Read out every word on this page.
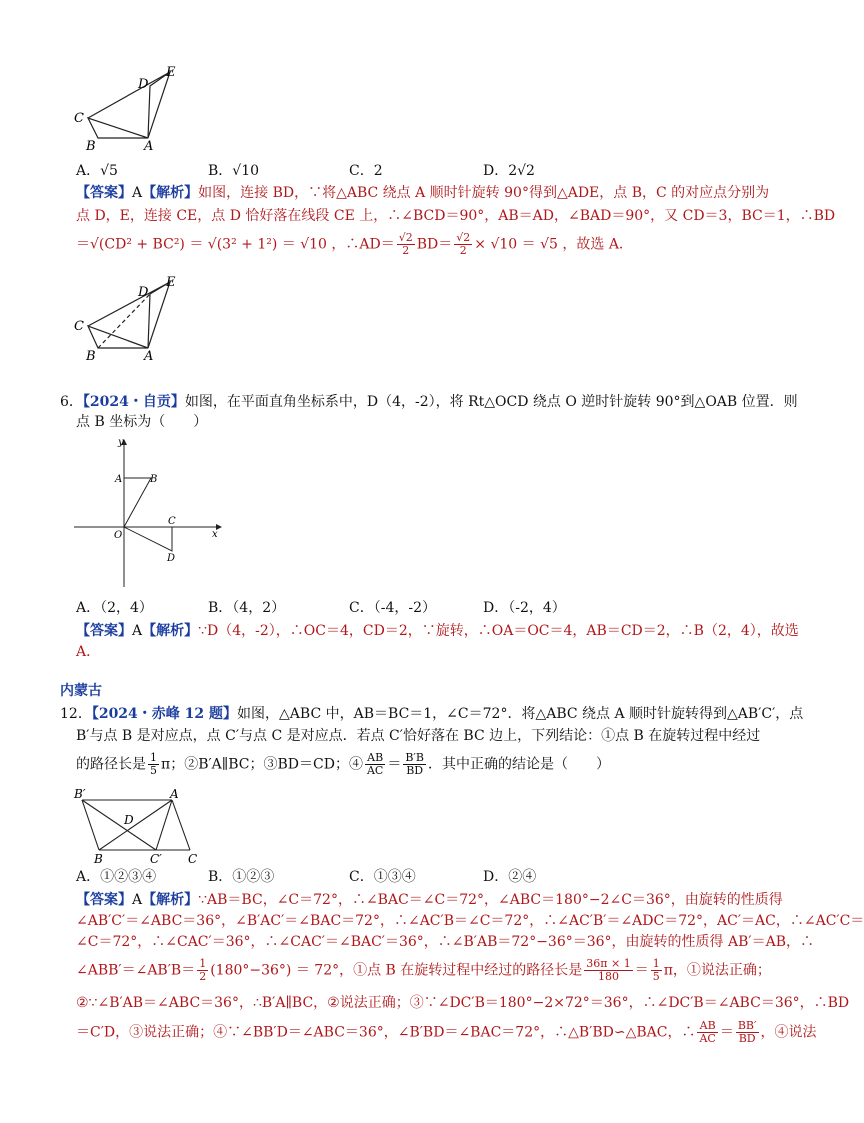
D
E
C
B	A
A．√5	B．√10	C．2	D．2√2
【答案】A【解析】如图，连接 BD，∵将△ABC 绕点 A 顺时针旋转 90°得到△ADE，点 B，C 的对应点分别为
点 D，E，连接 CE，点 D 恰好落在线段 CE 上，∴∠BCD＝90°，AB＝AD，∠BAD＝90°，又 CD＝3，BC＝1，∴BD
＝√(CD² + BC²) ＝ √(3² + 1²) ＝ √10 ，∴AD＝ $\frac{√2}{2} BD= \frac{√2}{2} \times √10 = √5$ ，故选 A．
D
E
C
B	A
6．【2024・自贡】如图，在平面直角坐标系中，D（4，-2），将 Rt△OCD 绕点 O 逆时针旋转 90°到△OAB 位置．则
点 B 坐标为（　　）
x
y
A	B
C
D
O
A．（2，4）	B．（4，2）	C．（-4，-2）	D．（-2，4）
【答案】A【解析】∵D（4，-2），∴OC＝4，CD＝2，∵旋转，∴OA＝OC＝4，AB＝CD＝2，∴B（2，4），故选
A．
内蒙古
12．【2024・赤峰 12 题】如图，△ABC 中，AB＝BC＝1，∠C＝72°．将△ABC 绕点 A 顺时针旋转得到△AB′C′，点
B′与点 B 是对应点，点 C′与点 C 是对应点．若点 C′恰好落在 BC 边上，下列结论：①点 B 在旋转过程中经过
的路径长是 $\frac{1}{5}$ π；②B′A∥BC；③BD＝CD；④ $\frac{AB}{AC} = \frac{B'B}{BD}$ ．其中正确的结论是（　　）
B′	A
D
B	C′ C
A．①②③④	B．①②③	C．①③④	D．②④
【答案】A【解析】∵AB＝BC，∠C＝72°，∴∠BAC＝∠C＝72°，∠ABC＝180°−2∠C＝36°，由旋转的性质得
∠AB′C′＝∠ABC＝36°，∠B′AC′＝∠BAC＝72°，∴∠AC′B＝∠C＝72°，∴∠AC′B′＝∠ADC＝72°，AC′＝AC，∴∠AC′C＝
∠C＝72°，∴∠CAC′＝36°，∴∠CAC′＝∠BAC′＝36°，∴∠B′AB＝72°−36°＝36°，由旋转的性质得 AB′＝AB，∴
∠ABB′＝∠AB′B＝ $\frac{1}{2} (180^\circ-36^\circ) = 72^\circ$，①点 B 在旋转过程中经过的路径长是 $\frac{36\pi \times 1}{180} = \frac{1}{5}$ π，①说法正确；
②∵∠B′AB＝∠ABC＝36°，∴B′A∥BC，②说法正确；③∵∠DC′B＝180°−2×72°＝36°，∴∠DC′B＝∠ABC＝36°，∴BD
＝C′D，③说法正确；④∵∠BB′D＝∠ABC＝36°，∠B′BD＝∠BAC＝72°，∴△B′BD∽△BAC，∴ $\frac{AB}{AC} = \frac{BB'}{BD}$ ，④说法
